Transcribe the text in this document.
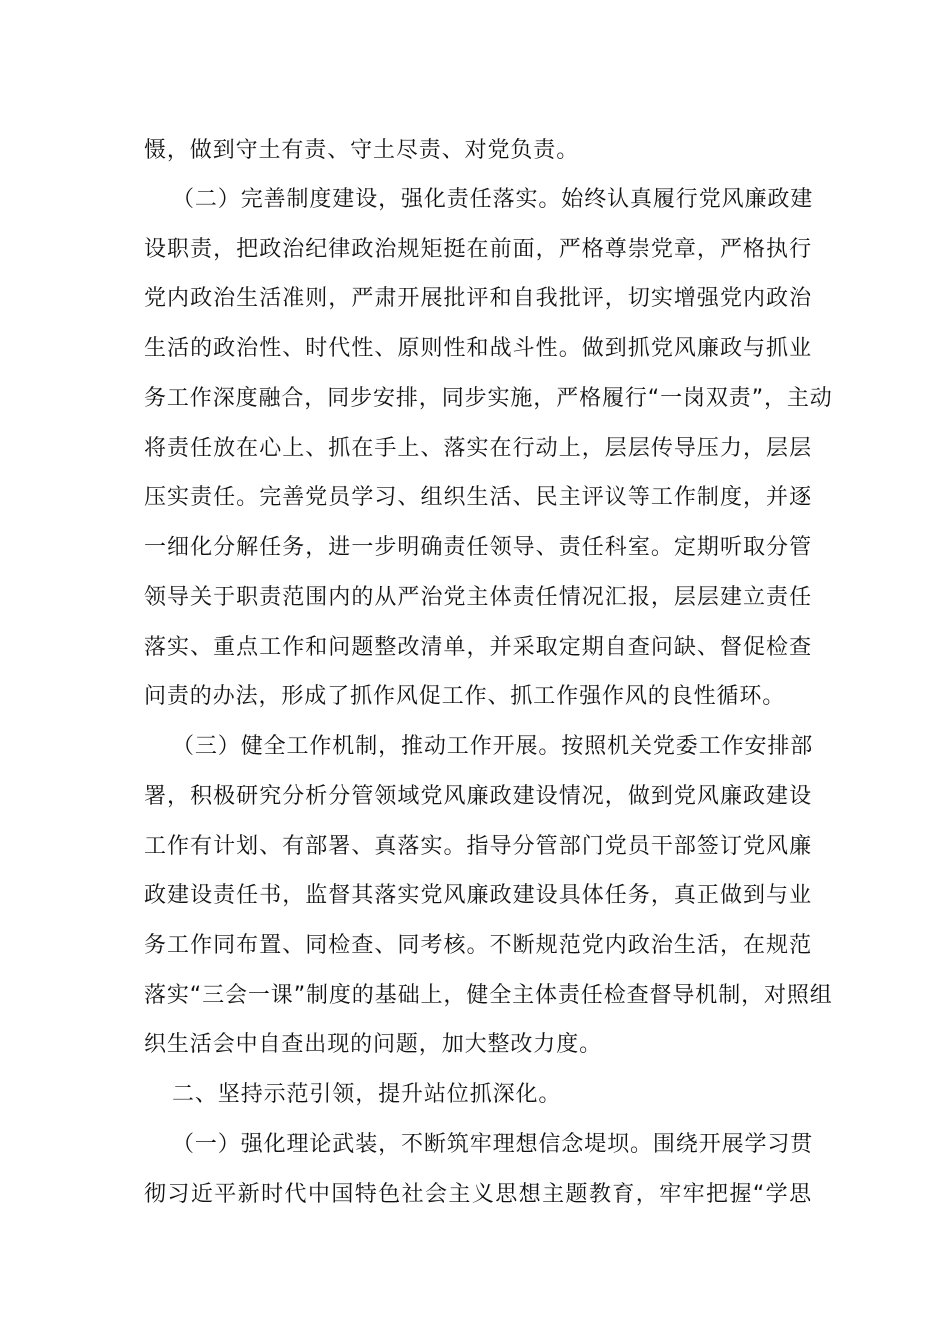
慑，做到守土有责、守土尽责、对党负责。
（二）完善制度建设，强化责任落实。始终认真履行党风廉政建
设职责，把政治纪律政治规矩挺在前面，严格尊崇党章，严格执行
党内政治生活准则，严肃开展批评和自我批评，切实增强党内政治
生活的政治性、时代性、原则性和战斗性。做到抓党风廉政与抓业
务工作深度融合，同步安排，同步实施，严格履行“一岗双责”，主动
将责任放在心上、抓在手上、落实在行动上，层层传导压力，层层
压实责任。完善党员学习、组织生活、民主评议等工作制度，并逐
一细化分解任务，进一步明确责任领导、责任科室。定期听取分管
领导关于职责范围内的从严治党主体责任情况汇报，层层建立责任
落实、重点工作和问题整改清单，并采取定期自查问缺、督促检查
问责的办法，形成了抓作风促工作、抓工作强作风的良性循环。
（三）健全工作机制，推动工作开展。按照机关党委工作安排部
署，积极研究分析分管领域党风廉政建设情况，做到党风廉政建设
工作有计划、有部署、真落实。指导分管部门党员干部签订党风廉
政建设责任书，监督其落实党风廉政建设具体任务，真正做到与业
务工作同布置、同检查、同考核。不断规范党内政治生活，在规范
落实“三会一课”制度的基础上，健全主体责任检查督导机制，对照组
织生活会中自查出现的问题，加大整改力度。
二、坚持示范引领，提升站位抓深化。
（一）强化理论武装，不断筑牢理想信念堤坝。围绕开展学习贯
彻习近平新时代中国特色社会主义思想主题教育，牢牢把握“学思
